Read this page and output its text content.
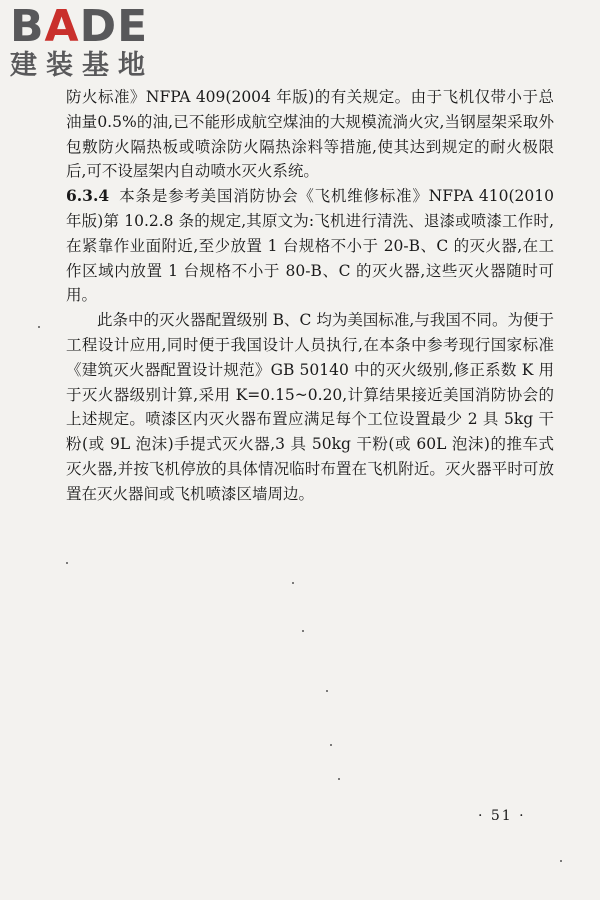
BADE
建装基地

防火标准》NFPA 409(2004 年版)的有关规定。由于飞机仅带小于总油量0.5%的油,已不能形成航空煤油的大规模流淌火灾,当钢屋架采取外包敷防火隔热板或喷涂防火隔热涂料等措施,使其达到规定的耐火极限后,可不设屋架内自动喷水灭火系统。

6.3.4 本条是参考美国消防协会《飞机维修标准》NFPA 410(2010 年版)第 10.2.8 条的规定,其原文为:飞机进行清洗、退漆或喷漆工作时,在紧靠作业面附近,至少放置 1 台规格不小于 20-B、C 的灭火器,在工作区域内放置 1 台规格不小于 80-B、C 的灭火器,这些灭火器随时可用。

此条中的灭火器配置级别 B、C 均为美国标准,与我国不同。为便于工程设计应用,同时便于我国设计人员执行,在本条中参考现行国家标准《建筑灭火器配置设计规范》GB 50140 中的灭火级别,修正系数 K 用于灭火器级别计算,采用 K=0.15~0.20,计算结果接近美国消防协会的上述规定。喷漆区内灭火器布置应满足每个工位设置最少 2 具 5kg 干粉(或 9L 泡沫)手提式灭火器,3 具 50kg 干粉(或 60L 泡沫)的推车式灭火器,并按飞机停放的具体情况临时布置在飞机附近。灭火器平时可放置在灭火器间或飞机喷漆区墙周边。

· 51 ·
